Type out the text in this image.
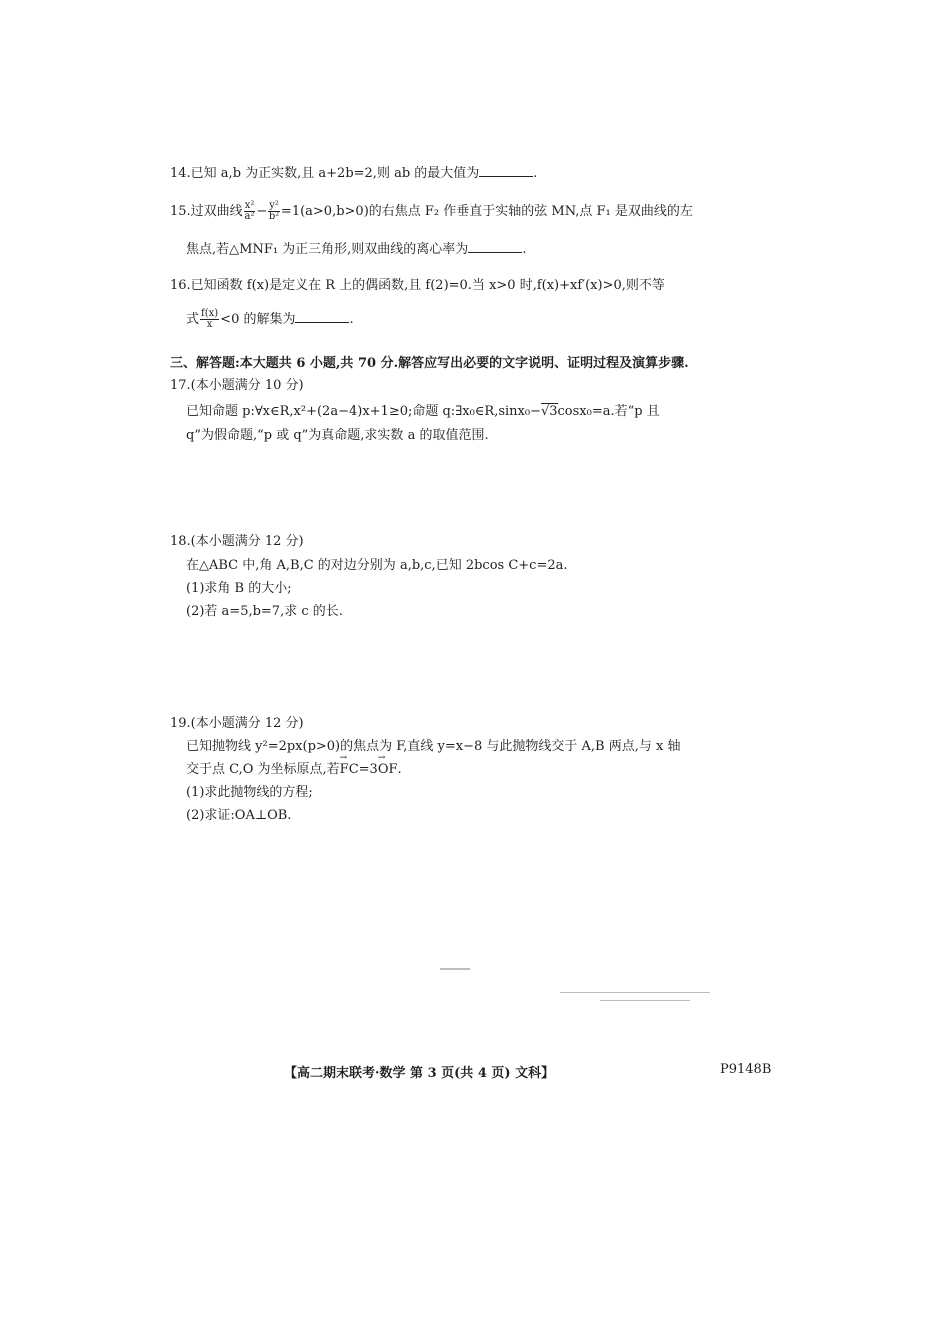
14.已知 a,b 为正实数,且 a+2b=2,则 ab 的最大值为	.
15.过双曲线 $\frac{\text{x²}}{\text{a²}} - \frac{\text{y²}}{\text{b²}} =1(a>0,b>0)$的右焦点 F₂ 作垂直于实轴的弦 MN,点 F₁ 是双曲线的左
焦点,若△MNF₁ 为正三角形,则双曲线的离心率为	.
16.已知函数 f(x)是定义在 R 上的偶函数,且 f(2)=0.当 x>0 时,f(x)+xf′(x)>0,则不等
式 $\frac{f(x)}{x} <0$ 的解集为	.
三、解答题:本大题共 6 小题,共 70 分.解答应写出必要的文字说明、证明过程及演算步骤.
17.(本小题满分 10 分)
已知命题 p:∀x∈R,x²+(2a−4)x+1≥0;命题 q:∃x₀∈R,sinx₀−√3cosx₀=a.若“p 且
q”为假命题,“p 或 q”为真命题,求实数 a 的取值范围.
18.(本小题满分 12 分)
在△ABC 中,角 A,B,C 的对边分别为 a,b,c,已知 2bcos C+c=2a.
(1)求角 B 的大小;
(2)若 a=5,b=7,求 c 的长.
19.(本小题满分 12 分)
已知抛物线 y²=2px(p>0)的焦点为 F,直线 y=x−8 与此抛物线交于 A,B 两点,与 x 轴
交于点 C,O 为坐标原点,若→ FC=3→ OF.
(1)求此抛物线的方程;
(2)求证:OA⊥OB.
【高二期末联考·数学 第 3 页(共 4 页) 文科】	P9148B
